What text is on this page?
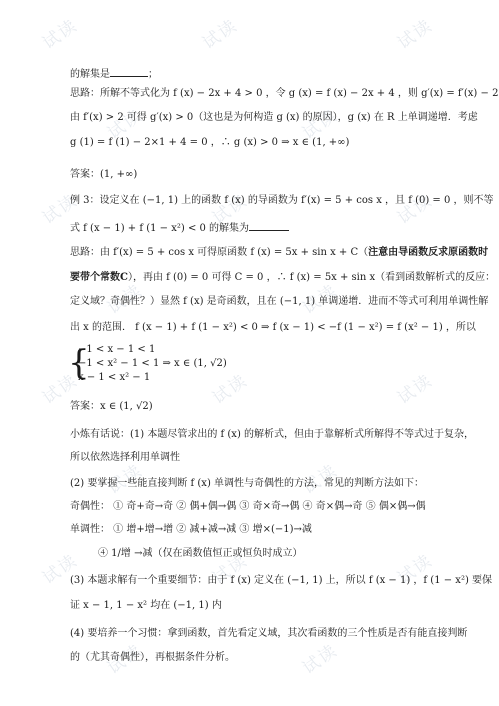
试读	试读	试读
试读	试读
试读	试读	试读
试读	试读
试读	试读	试读
试读	试读
试读	试读	试读
试读	试读
的解集是	；
思路：所解不等式化为 f (x) − 2x + 4 > 0 ，令 g (x) = f (x) − 2x + 4 ，则 g′(x) = f′(x) − 2
由 f′(x) > 2 可得 g′(x) > 0（这也是为何构造 g (x) 的原因），g (x) 在 R 上单调递增．考虑
g (1) = f (1) − 2×1 + 4 = 0 ，∴ g (x) > 0 ⇒ x ∈ (1, +∞)
答案：(1, +∞)
例 3：设定义在 (−1, 1) 上的函数 f (x) 的导函数为 f′(x) = 5 + cos x ，且 f (0) = 0 ，则不等
式 f (x − 1) + f (1 − x²) < 0 的解集为
思路：由 f′(x) = 5 + cos x 可得原函数 f (x) = 5x + sin x + C（注意由导函数反求原函数时
要带个常数C），再由 f (0) = 0 可得 C = 0 ，∴ f (x) = 5x + sin x（看到函数解析式的反应：
定义域？奇偶性？）显然 f (x) 是奇函数，且在 (−1, 1) 单调递增．进而不等式可利用单调性解
出 x 的范围． f (x − 1) + f (1 − x²) < 0 ⇒ f (x − 1) < −f (1 − x²) = f (x² − 1) ，所以
{
−1 < x − 1 < 1
−1 < x² − 1 < 1 ⇒ x ∈ (1, √2)
x − 1 < x² − 1
答案：x ∈ (1, √2)
小炼有话说：(1) 本题尽管求出的 f (x) 的解析式，但由于靠解析式所解得不等式过于复杂，
所以依然选择利用单调性
(2) 要掌握一些能直接判断 f (x) 单调性与奇偶性的方法，常见的判断方法如下：
奇偶性： ① 奇+奇→奇 ② 偶+偶→偶 ③ 奇×奇→偶 ④ 奇×偶→奇 ⑤ 偶×偶→偶
单调性： ① 增+增→增 ② 减+减→减 ③ 增×(−1)→减
④ 1/增 →减（仅在函数值恒正或恒负时成立）
(3) 本题求解有一个重要细节：由于 f (x) 定义在 (−1, 1) 上，所以 f (x − 1) ，f (1 − x²) 要保
证 x − 1, 1 − x² 均在 (−1, 1) 内
(4) 要培养一个习惯：拿到函数，首先看定义域，其次看函数的三个性质是否有能直接判断
的（尤其奇偶性），再根据条件分析。
